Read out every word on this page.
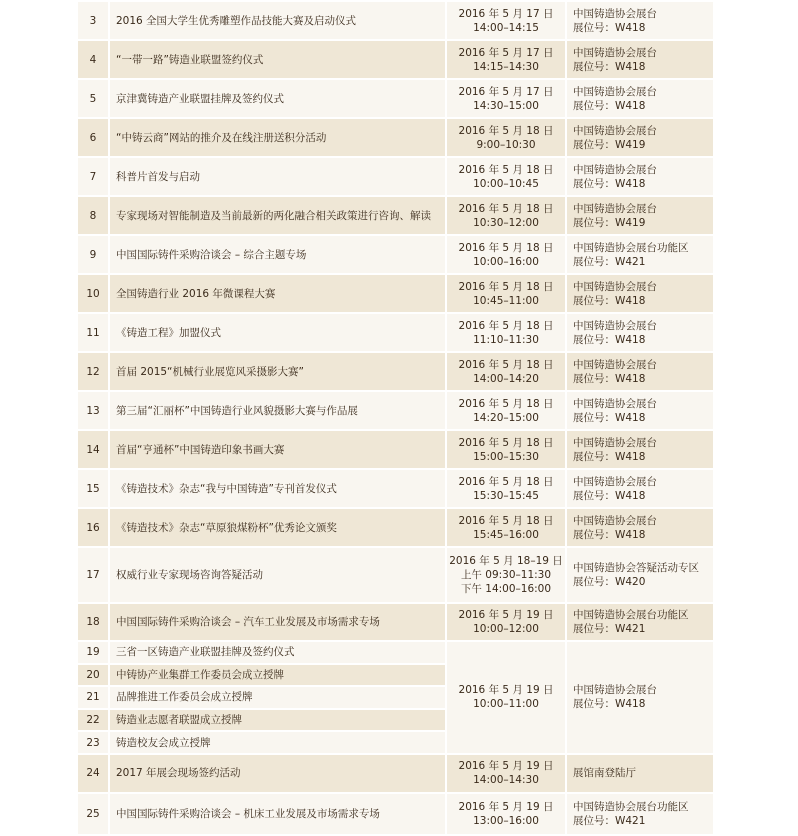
3	2016 全国大学生优秀雕塑作品技能大赛及启动仪式	2016 年 5 月 17 日
14:00–14:15	中国铸造协会展台
展位号：W418

4	“一带一路”铸造业联盟签约仪式	2016 年 5 月 17 日
14:15–14:30	中国铸造协会展台
展位号：W418

5	京津冀铸造产业联盟挂牌及签约仪式	2016 年 5 月 17 日
14:30–15:00	中国铸造协会展台
展位号：W418

6	“中铸云商”网站的推介及在线注册送积分活动	2016 年 5 月 18 日
9:00–10:30	中国铸造协会展台
展位号：W419

7	科普片首发与启动	2016 年 5 月 18 日
10:00–10:45	中国铸造协会展台
展位号：W418

8	专家现场对智能制造及当前最新的两化融合相关政策进行咨询、解读	2016 年 5 月 18 日
10:30–12:00	中国铸造协会展台
展位号：W419

9	中国国际铸件采购洽谈会 – 综合主题专场	2016 年 5 月 18 日
10:00–16:00	中国铸造协会展台功能区
展位号：W421

10	全国铸造行业 2016 年微课程大赛	2016 年 5 月 18 日
10:45–11:00	中国铸造协会展台
展位号：W418

11	《铸造工程》加盟仪式	2016 年 5 月 18 日
11:10–11:30	中国铸造协会展台
展位号：W418

12	首届 2015“机械行业展览风采摄影大赛”	2016 年 5 月 18 日
14:00–14:20	中国铸造协会展台
展位号：W418

13	第三届“汇丽杯”中国铸造行业风貌摄影大赛与作品展	2016 年 5 月 18 日
14:20–15:00	中国铸造协会展台
展位号：W418

14	首届“亨通杯”中国铸造印象书画大赛	2016 年 5 月 18 日
15:00–15:30	中国铸造协会展台
展位号：W418

15	《铸造技术》杂志“我与中国铸造”专刊首发仪式	2016 年 5 月 18 日
15:30–15:45	中国铸造协会展台
展位号：W418

16	《铸造技术》杂志“草原狼煤粉杯”优秀论文颁奖	2016 年 5 月 18 日
15:45–16:00	中国铸造协会展台
展位号：W418

17	权威行业专家现场咨询答疑活动	2016 年 5 月 18–19 日
上午 09:30–11:30
下午 14:00–16:00	中国铸造协会答疑活动专区
展位号：W420

18	中国国际铸件采购洽谈会 – 汽车工业发展及市场需求专场	2016 年 5 月 19 日
10:00–12:00	中国铸造协会展台功能区
展位号：W421

19	三省一区铸造产业联盟挂牌及签约仪式	2016 年 5 月 19 日
10:00–11:00	中国铸造协会展台
展位号：W418

20	中铸协产业集群工作委员会成立授牌		
21	品牌推进工作委员会成立授牌		
22	铸造业志愿者联盟成立授牌		
23	铸造校友会成立授牌		
24	2017 年展会现场签约活动	2016 年 5 月 19 日
14:00–14:30	展馆南登陆厅

25	中国国际铸件采购洽谈会 – 机床工业发展及市场需求专场	2016 年 5 月 19 日
13:00–16:00	中国铸造协会展台功能区
展位号：W421
